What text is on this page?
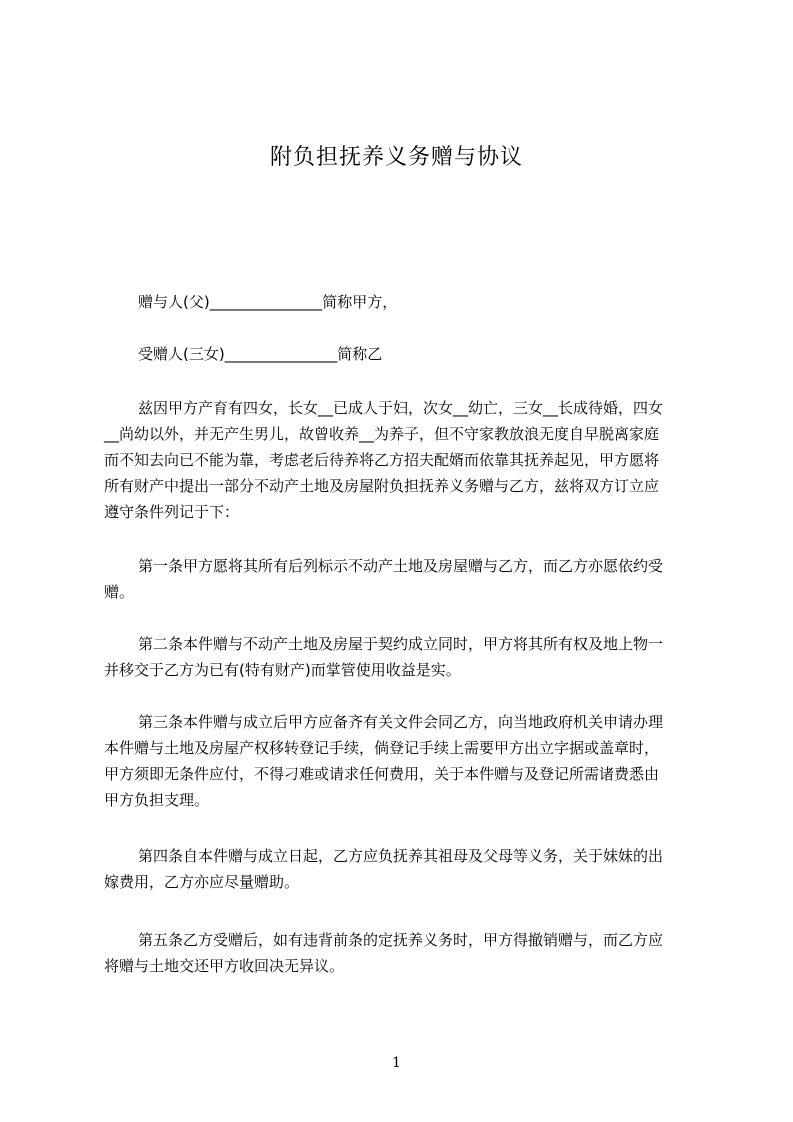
附负担抚养义务赠与协议
赠与人(父)_______________简称甲方，
受赠人(三女)_______________简称乙
兹因甲方产育有四女，长女__已成人于妇，次女__幼亡，三女__长成待婚，四女
__尚幼以外，并无产生男儿，故曾收养__为养子，但不守家教放浪无度自早脱离家庭
而不知去向已不能为靠，考虑老后待养将乙方招夫配婿而依靠其抚养起见，甲方愿将
所有财产中提出一部分不动产土地及房屋附负担抚养义务赠与乙方，兹将双方订立应
遵守条件列记于下：
第一条甲方愿将其所有后列标示不动产土地及房屋赠与乙方，而乙方亦愿依约受
赠。
第二条本件赠与不动产土地及房屋于契约成立同时，甲方将其所有权及地上物一
并移交于乙方为已有(特有财产)而掌管使用收益是实。
第三条本件赠与成立后甲方应备齐有关文件会同乙方，向当地政府机关申请办理
本件赠与土地及房屋产权移转登记手续，倘登记手续上需要甲方出立字据或盖章时，
甲方须即无条件应付，不得刁难或请求任何费用，关于本件赠与及登记所需诸费悉由
甲方负担支理。
第四条自本件赠与成立日起，乙方应负抚养其祖母及父母等义务，关于妹妹的出
嫁费用，乙方亦应尽量赠助。
第五条乙方受赠后，如有违背前条的定抚养义务时，甲方得撤销赠与，而乙方应
将赠与土地交还甲方收回决无异议。
1
